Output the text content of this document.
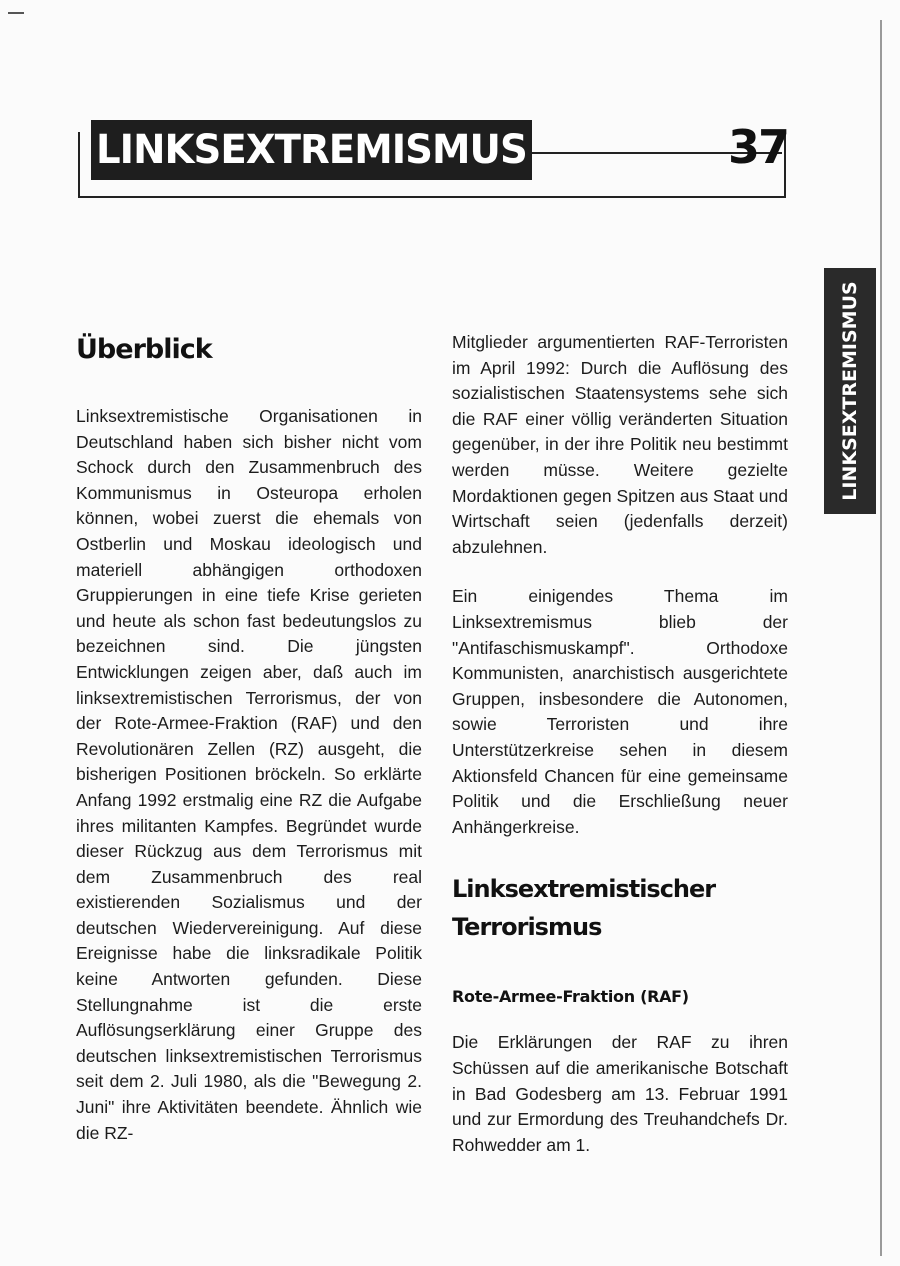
LINKSEXTREMISMUS	37
LINKSEXTREMISMUS
Überblick

Linksextremistische Organisationen in Deutschland haben sich bisher nicht vom Schock durch den Zusammenbruch des Kommunismus in Osteuropa erholen können, wobei zuerst die ehemals von Ostberlin und Moskau ideologisch und materiell abhängigen orthodoxen Gruppierungen in eine tiefe Krise gerieten und heute als schon fast bedeutungslos zu bezeichnen sind. Die jüngsten Entwicklungen zeigen aber, daß auch im linksextremistischen Terrorismus, der von der Rote-Armee-Fraktion (RAF) und den Revolutionären Zellen (RZ) ausgeht, die bisherigen Positionen bröckeln. So erklärte Anfang 1992 erstmalig eine RZ die Aufgabe ihres militanten Kampfes. Begründet wurde dieser Rückzug aus dem Terrorismus mit dem Zusammenbruch des real existierenden Sozialismus und der deutschen Wiedervereinigung. Auf diese Ereignisse habe die linksradikale Politik keine Antworten gefunden. Diese Stellungnahme ist die erste Auflösungserklärung einer Gruppe des deutschen linksextremistischen Terrorismus seit dem 2. Juli 1980, als die "Bewegung 2. Juni" ihre Aktivitäten beendete. Ähnlich wie die RZ-

Mitglieder argumentierten RAF-Terroristen im April 1992: Durch die Auflösung des sozialistischen Staatensystems sehe sich die RAF einer völlig veränderten Situation gegenüber, in der ihre Politik neu bestimmt werden müsse. Weitere gezielte Mordaktionen gegen Spitzen aus Staat und Wirtschaft seien (jedenfalls derzeit) abzulehnen.

Ein einigendes Thema im Linksextremismus blieb der "Antifaschismuskampf". Orthodoxe Kommunisten, anarchistisch ausgerichtete Gruppen, insbesondere die Autonomen, sowie Terroristen und ihre Unterstützerkreise sehen in diesem Aktionsfeld Chancen für eine gemeinsame Politik und die Erschließung neuer Anhängerkreise.

Linksextremistischer
Terrorismus
Rote-Armee-Fraktion (RAF)

Die Erklärungen der RAF zu ihren Schüssen auf die amerikanische Botschaft in Bad Godesberg am 13. Februar 1991 und zur Ermordung des Treuhandchefs Dr. Rohwedder am 1.
